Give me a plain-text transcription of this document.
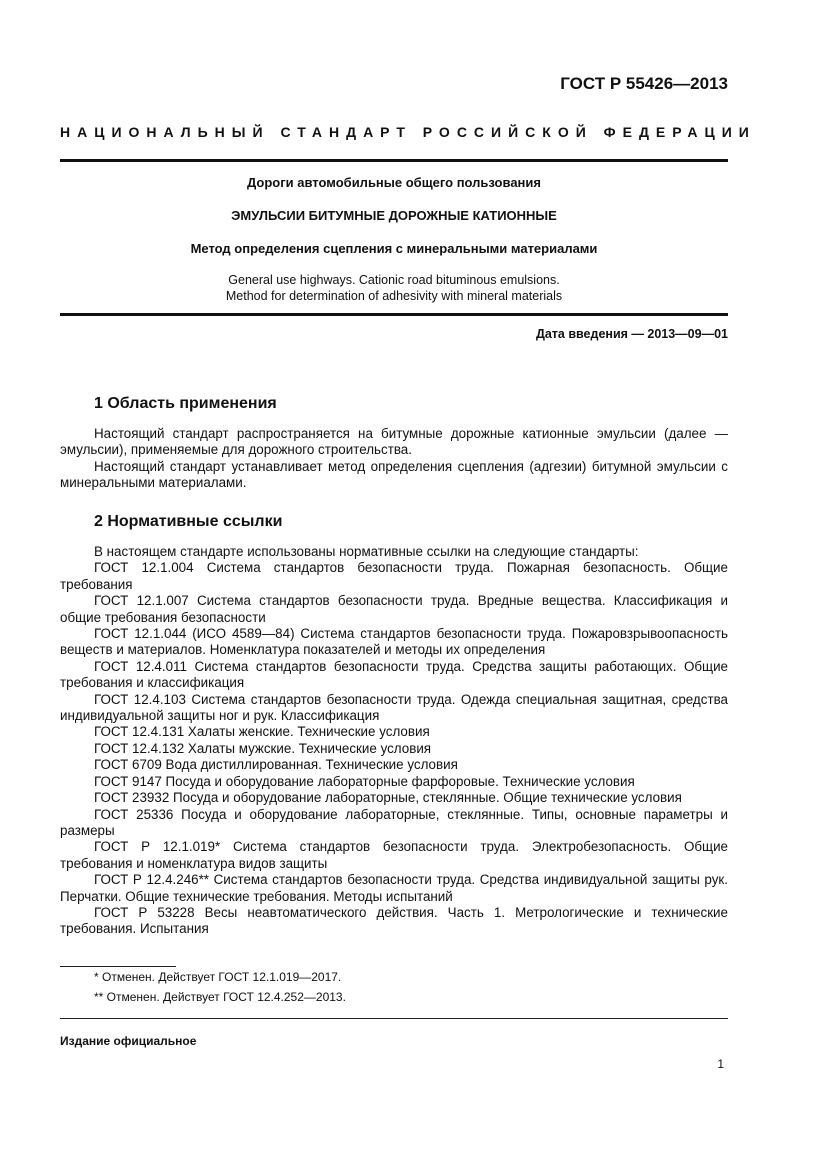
ГОСТ Р 55426—2013
НАЦИОНАЛЬНЫЙ СТАНДАРТ РОССИЙСКОЙ ФЕДЕРАЦИИ
Дороги автомобильные общего пользования
ЭМУЛЬСИИ БИТУМНЫЕ ДОРОЖНЫЕ КАТИОННЫЕ
Метод определения сцепления с минеральными материалами
General use highways. Cationic road bituminous emulsions.
Method for determination of adhesivity with mineral materials
Дата введения — 2013—09—01
1 Область применения

Настоящий стандарт распространяется на битумные дорожные катионные эмульсии (далее — эмульсии), применяемые для дорожного строительства.

Настоящий стандарт устанавливает метод определения сцепления (адгезии) битумной эмульсии с минеральными материалами.

2 Нормативные ссылки

В настоящем стандарте использованы нормативные ссылки на следующие стандарты:

ГОСТ 12.1.004 Система стандартов безопасности труда. Пожарная безопасность. Общие требования

ГОСТ 12.1.007 Система стандартов безопасности труда. Вредные вещества. Классификация и общие требования безопасности

ГОСТ 12.1.044 (ИСО 4589—84) Система стандартов безопасности труда. Пожаровзрывоопасность веществ и материалов. Номенклатура показателей и методы их определения

ГОСТ 12.4.011 Система стандартов безопасности труда. Средства защиты работающих. Общие требования и классификация

ГОСТ 12.4.103 Система стандартов безопасности труда. Одежда специальная защитная, средства индивидуальной защиты ног и рук. Классификация

ГОСТ 12.4.131 Халаты женские. Технические условия

ГОСТ 12.4.132 Халаты мужские. Технические условия

ГОСТ 6709 Вода дистиллированная. Технические условия

ГОСТ 9147 Посуда и оборудование лабораторные фарфоровые. Технические условия

ГОСТ 23932 Посуда и оборудование лабораторные, стеклянные. Общие технические условия

ГОСТ 25336 Посуда и оборудование лабораторные, стеклянные. Типы, основные параметры и размеры

ГОСТ Р 12.1.019* Система стандартов безопасности труда. Электробезопасность. Общие требования и номенклатура видов защиты

ГОСТ Р 12.4.246** Система стандартов безопасности труда. Средства индивидуальной защиты рук. Перчатки. Общие технические требования. Методы испытаний

ГОСТ Р 53228 Весы неавтоматического действия. Часть 1. Метрологические и технические требования. Испытания

* Отменен. Действует ГОСТ 12.1.019—2017.
** Отменен. Действует ГОСТ 12.4.252—2013.
Издание официальное
1
